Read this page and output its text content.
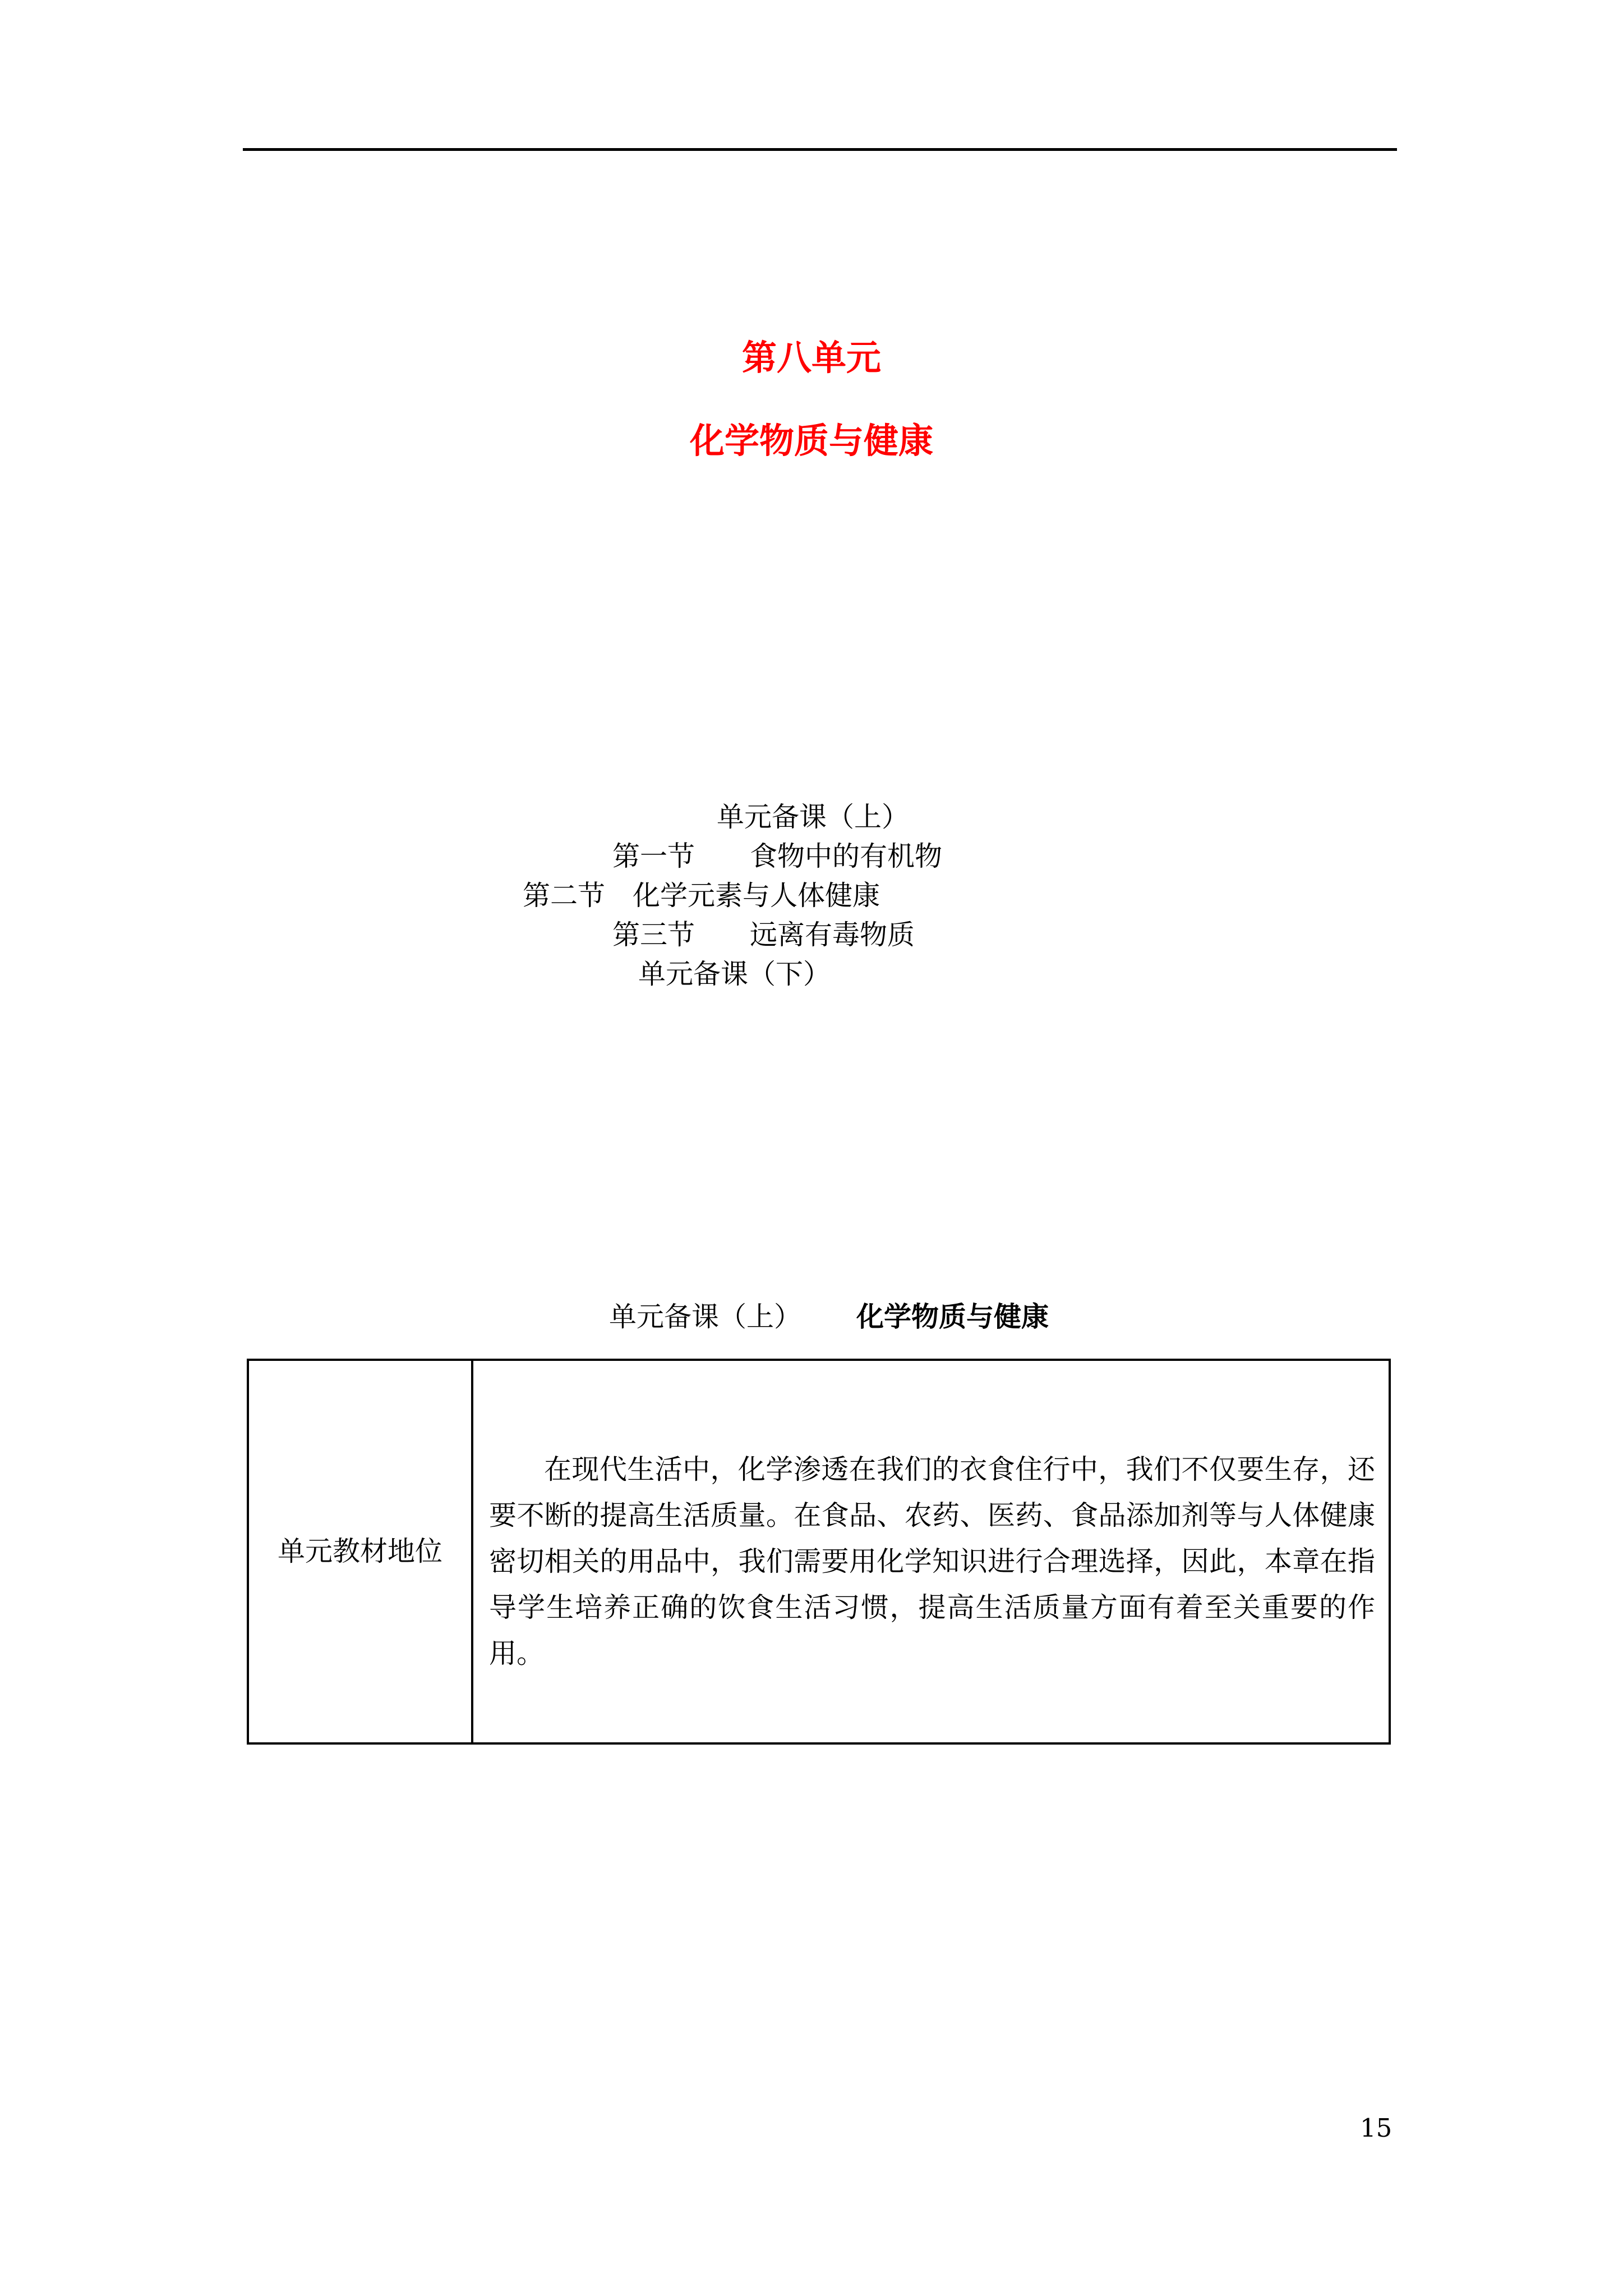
第八单元
化学物质与健康
单元备课（上）
第一节　　食物中的有机物
第二节　化学元素与人体健康
第三节　　远离有毒物质
单元备课（下）
单元备课（上） 化学物质与健康
单元教材地位
在现代生活中，化学渗透在我们的衣食住行中，我们不仅要生存，还要不断的提高生活质量。在食品、农药、医药、食品添加剂等与人体健康密切相关的用品中，我们需要用化学知识进行合理选择，因此，本章在指导学生培养正确的饮食生活习惯，提高生活质量方面有着至关重要的作用。
15
